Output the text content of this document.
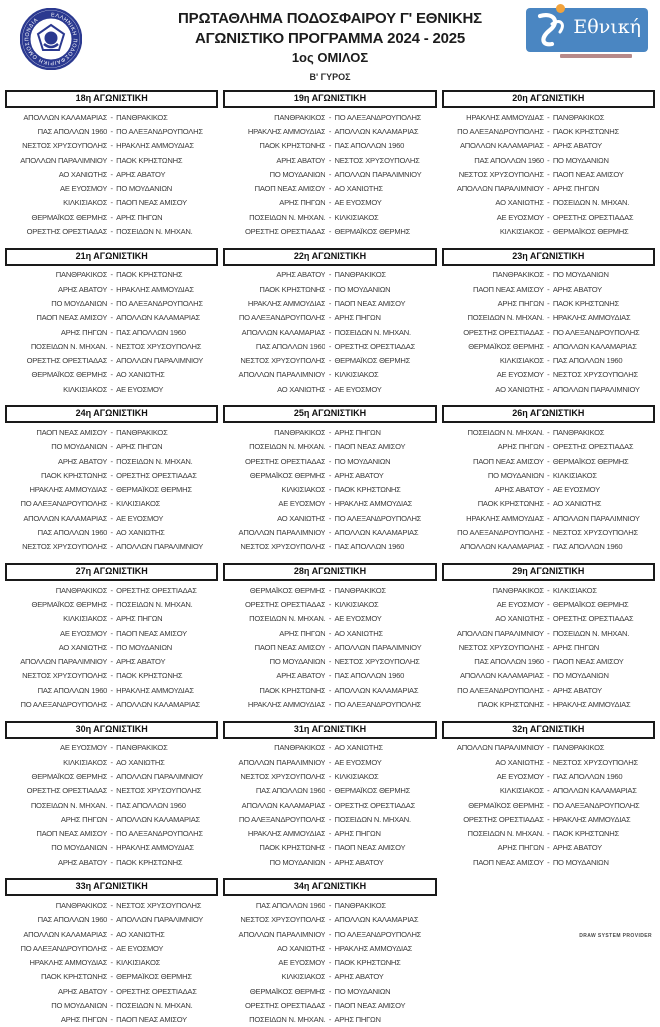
ΕΛΛΗΝΙΚΗ ΠΟΔΟΣΦΑΙΡΙΚΗ ΟΜΟΣΠΟΝΔΙΑ	ΠΡΩΤΑΘΛΗΜΑ ΠΟΔΟΣΦΑΙΡΟΥ Γ' ΕΘΝΙΚΗΣ
ΑΓΩΝΙΣΤΙΚΟ ΠΡΟΓΡΑΜΜΑ 2024 - 2025
1ος ΟΜΙΛΟΣ
Β' ΓΥΡΟΣ
Εθνική
18η ΑΓΩΝΙΣΤΙΚΗ
ΑΠΟΛΛΩΝ ΚΑΛΑΜΑΡΙΑΣ - ΠΑΝΘΡΑΚΙΚΟΣ
ΠΑΣ ΑΠΟΛΛΩΝ 1960 - ΠΟ ΑΛΕΞΑΝΔΡΟΥΠΟΛΗΣ
ΝΕΣΤΟΣ ΧΡΥΣΟΥΠΟΛΗΣ - ΗΡΑΚΛΗΣ ΑΜΜΟΥΔΙΑΣ
ΑΠΟΛΛΩΝ ΠΑΡΑΛΙΜΝΙΟΥ - ΠΑΟΚ ΚΡΗΣΤΩΝΗΣ
ΑΟ ΧΑΝΙΩΤΗΣ - ΑΡΗΣ ΑΒΑΤΟΥ
ΑΕ ΕΥΟΣΜΟΥ - ΠΟ ΜΟΥΔΑΝΙΩΝ
ΚΙΛΚΙΣΙΑΚΟΣ - ΠΑΟΠ ΝΕΑΣ ΑΜΙΣΟΥ
ΘΕΡΜΑΪΚΟΣ ΘΕΡΜΗΣ - ΑΡΗΣ ΠΗΓΩΝ
ΟΡΕΣΤΗΣ ΟΡΕΣΤΙΑΔΑΣ - ΠΟΣΕΙΔΩΝ Ν. ΜΗΧΑΝ.
19η ΑΓΩΝΙΣΤΙΚΗ
ΠΑΝΘΡΑΚΙΚΟΣ - ΠΟ ΑΛΕΞΑΝΔΡΟΥΠΟΛΗΣ
ΗΡΑΚΛΗΣ ΑΜΜΟΥΔΙΑΣ - ΑΠΟΛΛΩΝ ΚΑΛΑΜΑΡΙΑΣ
ΠΑΟΚ ΚΡΗΣΤΩΝΗΣ - ΠΑΣ ΑΠΟΛΛΩΝ 1960
ΑΡΗΣ ΑΒΑΤΟΥ - ΝΕΣΤΟΣ ΧΡΥΣΟΥΠΟΛΗΣ
ΠΟ ΜΟΥΔΑΝΙΩΝ - ΑΠΟΛΛΩΝ ΠΑΡΑΛΙΜΝΙΟΥ
ΠΑΟΠ ΝΕΑΣ ΑΜΙΣΟΥ - ΑΟ ΧΑΝΙΩΤΗΣ
ΑΡΗΣ ΠΗΓΩΝ - ΑΕ ΕΥΟΣΜΟΥ
ΠΟΣΕΙΔΩΝ Ν. ΜΗΧΑΝ. - ΚΙΛΚΙΣΙΑΚΟΣ
ΟΡΕΣΤΗΣ ΟΡΕΣΤΙΑΔΑΣ - ΘΕΡΜΑΪΚΟΣ ΘΕΡΜΗΣ
20η ΑΓΩΝΙΣΤΙΚΗ
ΗΡΑΚΛΗΣ ΑΜΜΟΥΔΙΑΣ - ΠΑΝΘΡΑΚΙΚΟΣ
ΠΟ ΑΛΕΞΑΝΔΡΟΥΠΟΛΗΣ - ΠΑΟΚ ΚΡΗΣΤΩΝΗΣ
ΑΠΟΛΛΩΝ ΚΑΛΑΜΑΡΙΑΣ - ΑΡΗΣ ΑΒΑΤΟΥ
ΠΑΣ ΑΠΟΛΛΩΝ 1960 - ΠΟ ΜΟΥΔΑΝΙΩΝ
ΝΕΣΤΟΣ ΧΡΥΣΟΥΠΟΛΗΣ - ΠΑΟΠ ΝΕΑΣ ΑΜΙΣΟΥ
ΑΠΟΛΛΩΝ ΠΑΡΑΛΙΜΝΙΟΥ - ΑΡΗΣ ΠΗΓΩΝ
ΑΟ ΧΑΝΙΩΤΗΣ - ΠΟΣΕΙΔΩΝ Ν. ΜΗΧΑΝ.
ΑΕ ΕΥΟΣΜΟΥ - ΟΡΕΣΤΗΣ ΟΡΕΣΤΙΑΔΑΣ
ΚΙΛΚΙΣΙΑΚΟΣ - ΘΕΡΜΑΪΚΟΣ ΘΕΡΜΗΣ
21η ΑΓΩΝΙΣΤΙΚΗ
ΠΑΝΘΡΑΚΙΚΟΣ - ΠΑΟΚ ΚΡΗΣΤΩΝΗΣ
ΑΡΗΣ ΑΒΑΤΟΥ - ΗΡΑΚΛΗΣ ΑΜΜΟΥΔΙΑΣ
ΠΟ ΜΟΥΔΑΝΙΩΝ - ΠΟ ΑΛΕΞΑΝΔΡΟΥΠΟΛΗΣ
ΠΑΟΠ ΝΕΑΣ ΑΜΙΣΟΥ - ΑΠΟΛΛΩΝ ΚΑΛΑΜΑΡΙΑΣ
ΑΡΗΣ ΠΗΓΩΝ - ΠΑΣ ΑΠΟΛΛΩΝ 1960
ΠΟΣΕΙΔΩΝ Ν. ΜΗΧΑΝ. - ΝΕΣΤΟΣ ΧΡΥΣΟΥΠΟΛΗΣ
ΟΡΕΣΤΗΣ ΟΡΕΣΤΙΑΔΑΣ - ΑΠΟΛΛΩΝ ΠΑΡΑΛΙΜΝΙΟΥ
ΘΕΡΜΑΪΚΟΣ ΘΕΡΜΗΣ - ΑΟ ΧΑΝΙΩΤΗΣ
ΚΙΛΚΙΣΙΑΚΟΣ - ΑΕ ΕΥΟΣΜΟΥ
22η ΑΓΩΝΙΣΤΙΚΗ
ΑΡΗΣ ΑΒΑΤΟΥ - ΠΑΝΘΡΑΚΙΚΟΣ
ΠΑΟΚ ΚΡΗΣΤΩΝΗΣ - ΠΟ ΜΟΥΔΑΝΙΩΝ
ΗΡΑΚΛΗΣ ΑΜΜΟΥΔΙΑΣ - ΠΑΟΠ ΝΕΑΣ ΑΜΙΣΟΥ
ΠΟ ΑΛΕΞΑΝΔΡΟΥΠΟΛΗΣ - ΑΡΗΣ ΠΗΓΩΝ
ΑΠΟΛΛΩΝ ΚΑΛΑΜΑΡΙΑΣ - ΠΟΣΕΙΔΩΝ Ν. ΜΗΧΑΝ.
ΠΑΣ ΑΠΟΛΛΩΝ 1960 - ΟΡΕΣΤΗΣ ΟΡΕΣΤΙΑΔΑΣ
ΝΕΣΤΟΣ ΧΡΥΣΟΥΠΟΛΗΣ - ΘΕΡΜΑΪΚΟΣ ΘΕΡΜΗΣ
ΑΠΟΛΛΩΝ ΠΑΡΑΛΙΜΝΙΟΥ - ΚΙΛΚΙΣΙΑΚΟΣ
ΑΟ ΧΑΝΙΩΤΗΣ - ΑΕ ΕΥΟΣΜΟΥ
23η ΑΓΩΝΙΣΤΙΚΗ
ΠΑΝΘΡΑΚΙΚΟΣ - ΠΟ ΜΟΥΔΑΝΙΩΝ
ΠΑΟΠ ΝΕΑΣ ΑΜΙΣΟΥ - ΑΡΗΣ ΑΒΑΤΟΥ
ΑΡΗΣ ΠΗΓΩΝ - ΠΑΟΚ ΚΡΗΣΤΩΝΗΣ
ΠΟΣΕΙΔΩΝ Ν. ΜΗΧΑΝ. - ΗΡΑΚΛΗΣ ΑΜΜΟΥΔΙΑΣ
ΟΡΕΣΤΗΣ ΟΡΕΣΤΙΑΔΑΣ - ΠΟ ΑΛΕΞΑΝΔΡΟΥΠΟΛΗΣ
ΘΕΡΜΑΪΚΟΣ ΘΕΡΜΗΣ - ΑΠΟΛΛΩΝ ΚΑΛΑΜΑΡΙΑΣ
ΚΙΛΚΙΣΙΑΚΟΣ - ΠΑΣ ΑΠΟΛΛΩΝ 1960
ΑΕ ΕΥΟΣΜΟΥ - ΝΕΣΤΟΣ ΧΡΥΣΟΥΠΟΛΗΣ
ΑΟ ΧΑΝΙΩΤΗΣ - ΑΠΟΛΛΩΝ ΠΑΡΑΛΙΜΝΙΟΥ
24η ΑΓΩΝΙΣΤΙΚΗ
ΠΑΟΠ ΝΕΑΣ ΑΜΙΣΟΥ - ΠΑΝΘΡΑΚΙΚΟΣ
ΠΟ ΜΟΥΔΑΝΙΩΝ - ΑΡΗΣ ΠΗΓΩΝ
ΑΡΗΣ ΑΒΑΤΟΥ - ΠΟΣΕΙΔΩΝ Ν. ΜΗΧΑΝ.
ΠΑΟΚ ΚΡΗΣΤΩΝΗΣ - ΟΡΕΣΤΗΣ ΟΡΕΣΤΙΑΔΑΣ
ΗΡΑΚΛΗΣ ΑΜΜΟΥΔΙΑΣ - ΘΕΡΜΑΪΚΟΣ ΘΕΡΜΗΣ
ΠΟ ΑΛΕΞΑΝΔΡΟΥΠΟΛΗΣ - ΚΙΛΚΙΣΙΑΚΟΣ
ΑΠΟΛΛΩΝ ΚΑΛΑΜΑΡΙΑΣ - ΑΕ ΕΥΟΣΜΟΥ
ΠΑΣ ΑΠΟΛΛΩΝ 1960 - ΑΟ ΧΑΝΙΩΤΗΣ
ΝΕΣΤΟΣ ΧΡΥΣΟΥΠΟΛΗΣ - ΑΠΟΛΛΩΝ ΠΑΡΑΛΙΜΝΙΟΥ
25η ΑΓΩΝΙΣΤΙΚΗ
ΠΑΝΘΡΑΚΙΚΟΣ - ΑΡΗΣ ΠΗΓΩΝ
ΠΟΣΕΙΔΩΝ Ν. ΜΗΧΑΝ. - ΠΑΟΠ ΝΕΑΣ ΑΜΙΣΟΥ
ΟΡΕΣΤΗΣ ΟΡΕΣΤΙΑΔΑΣ - ΠΟ ΜΟΥΔΑΝΙΩΝ
ΘΕΡΜΑΪΚΟΣ ΘΕΡΜΗΣ - ΑΡΗΣ ΑΒΑΤΟΥ
ΚΙΛΚΙΣΙΑΚΟΣ - ΠΑΟΚ ΚΡΗΣΤΩΝΗΣ
ΑΕ ΕΥΟΣΜΟΥ - ΗΡΑΚΛΗΣ ΑΜΜΟΥΔΙΑΣ
ΑΟ ΧΑΝΙΩΤΗΣ - ΠΟ ΑΛΕΞΑΝΔΡΟΥΠΟΛΗΣ
ΑΠΟΛΛΩΝ ΠΑΡΑΛΙΜΝΙΟΥ - ΑΠΟΛΛΩΝ ΚΑΛΑΜΑΡΙΑΣ
ΝΕΣΤΟΣ ΧΡΥΣΟΥΠΟΛΗΣ - ΠΑΣ ΑΠΟΛΛΩΝ 1960
26η ΑΓΩΝΙΣΤΙΚΗ
ΠΟΣΕΙΔΩΝ Ν. ΜΗΧΑΝ. - ΠΑΝΘΡΑΚΙΚΟΣ
ΑΡΗΣ ΠΗΓΩΝ - ΟΡΕΣΤΗΣ ΟΡΕΣΤΙΑΔΑΣ
ΠΑΟΠ ΝΕΑΣ ΑΜΙΣΟΥ - ΘΕΡΜΑΪΚΟΣ ΘΕΡΜΗΣ
ΠΟ ΜΟΥΔΑΝΙΩΝ - ΚΙΛΚΙΣΙΑΚΟΣ
ΑΡΗΣ ΑΒΑΤΟΥ - ΑΕ ΕΥΟΣΜΟΥ
ΠΑΟΚ ΚΡΗΣΤΩΝΗΣ - ΑΟ ΧΑΝΙΩΤΗΣ
ΗΡΑΚΛΗΣ ΑΜΜΟΥΔΙΑΣ - ΑΠΟΛΛΩΝ ΠΑΡΑΛΙΜΝΙΟΥ
ΠΟ ΑΛΕΞΑΝΔΡΟΥΠΟΛΗΣ - ΝΕΣΤΟΣ ΧΡΥΣΟΥΠΟΛΗΣ
ΑΠΟΛΛΩΝ ΚΑΛΑΜΑΡΙΑΣ - ΠΑΣ ΑΠΟΛΛΩΝ 1960
27η ΑΓΩΝΙΣΤΙΚΗ
ΠΑΝΘΡΑΚΙΚΟΣ - ΟΡΕΣΤΗΣ ΟΡΕΣΤΙΑΔΑΣ
ΘΕΡΜΑΪΚΟΣ ΘΕΡΜΗΣ - ΠΟΣΕΙΔΩΝ Ν. ΜΗΧΑΝ.
ΚΙΛΚΙΣΙΑΚΟΣ - ΑΡΗΣ ΠΗΓΩΝ
ΑΕ ΕΥΟΣΜΟΥ - ΠΑΟΠ ΝΕΑΣ ΑΜΙΣΟΥ
ΑΟ ΧΑΝΙΩΤΗΣ - ΠΟ ΜΟΥΔΑΝΙΩΝ
ΑΠΟΛΛΩΝ ΠΑΡΑΛΙΜΝΙΟΥ - ΑΡΗΣ ΑΒΑΤΟΥ
ΝΕΣΤΟΣ ΧΡΥΣΟΥΠΟΛΗΣ - ΠΑΟΚ ΚΡΗΣΤΩΝΗΣ
ΠΑΣ ΑΠΟΛΛΩΝ 1960 - ΗΡΑΚΛΗΣ ΑΜΜΟΥΔΙΑΣ
ΠΟ ΑΛΕΞΑΝΔΡΟΥΠΟΛΗΣ - ΑΠΟΛΛΩΝ ΚΑΛΑΜΑΡΙΑΣ
28η ΑΓΩΝΙΣΤΙΚΗ
ΘΕΡΜΑΪΚΟΣ ΘΕΡΜΗΣ - ΠΑΝΘΡΑΚΙΚΟΣ
ΟΡΕΣΤΗΣ ΟΡΕΣΤΙΑΔΑΣ - ΚΙΛΚΙΣΙΑΚΟΣ
ΠΟΣΕΙΔΩΝ Ν. ΜΗΧΑΝ. - ΑΕ ΕΥΟΣΜΟΥ
ΑΡΗΣ ΠΗΓΩΝ - ΑΟ ΧΑΝΙΩΤΗΣ
ΠΑΟΠ ΝΕΑΣ ΑΜΙΣΟΥ - ΑΠΟΛΛΩΝ ΠΑΡΑΛΙΜΝΙΟΥ
ΠΟ ΜΟΥΔΑΝΙΩΝ - ΝΕΣΤΟΣ ΧΡΥΣΟΥΠΟΛΗΣ
ΑΡΗΣ ΑΒΑΤΟΥ - ΠΑΣ ΑΠΟΛΛΩΝ 1960
ΠΑΟΚ ΚΡΗΣΤΩΝΗΣ - ΑΠΟΛΛΩΝ ΚΑΛΑΜΑΡΙΑΣ
ΗΡΑΚΛΗΣ ΑΜΜΟΥΔΙΑΣ - ΠΟ ΑΛΕΞΑΝΔΡΟΥΠΟΛΗΣ
29η ΑΓΩΝΙΣΤΙΚΗ
ΠΑΝΘΡΑΚΙΚΟΣ - ΚΙΛΚΙΣΙΑΚΟΣ
ΑΕ ΕΥΟΣΜΟΥ - ΘΕΡΜΑΪΚΟΣ ΘΕΡΜΗΣ
ΑΟ ΧΑΝΙΩΤΗΣ - ΟΡΕΣΤΗΣ ΟΡΕΣΤΙΑΔΑΣ
ΑΠΟΛΛΩΝ ΠΑΡΑΛΙΜΝΙΟΥ - ΠΟΣΕΙΔΩΝ Ν. ΜΗΧΑΝ.
ΝΕΣΤΟΣ ΧΡΥΣΟΥΠΟΛΗΣ - ΑΡΗΣ ΠΗΓΩΝ
ΠΑΣ ΑΠΟΛΛΩΝ 1960 - ΠΑΟΠ ΝΕΑΣ ΑΜΙΣΟΥ
ΑΠΟΛΛΩΝ ΚΑΛΑΜΑΡΙΑΣ - ΠΟ ΜΟΥΔΑΝΙΩΝ
ΠΟ ΑΛΕΞΑΝΔΡΟΥΠΟΛΗΣ - ΑΡΗΣ ΑΒΑΤΟΥ
ΠΑΟΚ ΚΡΗΣΤΩΝΗΣ - ΗΡΑΚΛΗΣ ΑΜΜΟΥΔΙΑΣ
30η ΑΓΩΝΙΣΤΙΚΗ
ΑΕ ΕΥΟΣΜΟΥ - ΠΑΝΘΡΑΚΙΚΟΣ
ΚΙΛΚΙΣΙΑΚΟΣ - ΑΟ ΧΑΝΙΩΤΗΣ
ΘΕΡΜΑΪΚΟΣ ΘΕΡΜΗΣ - ΑΠΟΛΛΩΝ ΠΑΡΑΛΙΜΝΙΟΥ
ΟΡΕΣΤΗΣ ΟΡΕΣΤΙΑΔΑΣ - ΝΕΣΤΟΣ ΧΡΥΣΟΥΠΟΛΗΣ
ΠΟΣΕΙΔΩΝ Ν. ΜΗΧΑΝ. - ΠΑΣ ΑΠΟΛΛΩΝ 1960
ΑΡΗΣ ΠΗΓΩΝ - ΑΠΟΛΛΩΝ ΚΑΛΑΜΑΡΙΑΣ
ΠΑΟΠ ΝΕΑΣ ΑΜΙΣΟΥ - ΠΟ ΑΛΕΞΑΝΔΡΟΥΠΟΛΗΣ
ΠΟ ΜΟΥΔΑΝΙΩΝ - ΗΡΑΚΛΗΣ ΑΜΜΟΥΔΙΑΣ
ΑΡΗΣ ΑΒΑΤΟΥ - ΠΑΟΚ ΚΡΗΣΤΩΝΗΣ
31η ΑΓΩΝΙΣΤΙΚΗ
ΠΑΝΘΡΑΚΙΚΟΣ - ΑΟ ΧΑΝΙΩΤΗΣ
ΑΠΟΛΛΩΝ ΠΑΡΑΛΙΜΝΙΟΥ - ΑΕ ΕΥΟΣΜΟΥ
ΝΕΣΤΟΣ ΧΡΥΣΟΥΠΟΛΗΣ - ΚΙΛΚΙΣΙΑΚΟΣ
ΠΑΣ ΑΠΟΛΛΩΝ 1960 - ΘΕΡΜΑΪΚΟΣ ΘΕΡΜΗΣ
ΑΠΟΛΛΩΝ ΚΑΛΑΜΑΡΙΑΣ - ΟΡΕΣΤΗΣ ΟΡΕΣΤΙΑΔΑΣ
ΠΟ ΑΛΕΞΑΝΔΡΟΥΠΟΛΗΣ - ΠΟΣΕΙΔΩΝ Ν. ΜΗΧΑΝ.
ΗΡΑΚΛΗΣ ΑΜΜΟΥΔΙΑΣ - ΑΡΗΣ ΠΗΓΩΝ
ΠΑΟΚ ΚΡΗΣΤΩΝΗΣ - ΠΑΟΠ ΝΕΑΣ ΑΜΙΣΟΥ
ΠΟ ΜΟΥΔΑΝΙΩΝ - ΑΡΗΣ ΑΒΑΤΟΥ
32η ΑΓΩΝΙΣΤΙΚΗ
ΑΠΟΛΛΩΝ ΠΑΡΑΛΙΜΝΙΟΥ - ΠΑΝΘΡΑΚΙΚΟΣ
ΑΟ ΧΑΝΙΩΤΗΣ - ΝΕΣΤΟΣ ΧΡΥΣΟΥΠΟΛΗΣ
ΑΕ ΕΥΟΣΜΟΥ - ΠΑΣ ΑΠΟΛΛΩΝ 1960
ΚΙΛΚΙΣΙΑΚΟΣ - ΑΠΟΛΛΩΝ ΚΑΛΑΜΑΡΙΑΣ
ΘΕΡΜΑΪΚΟΣ ΘΕΡΜΗΣ - ΠΟ ΑΛΕΞΑΝΔΡΟΥΠΟΛΗΣ
ΟΡΕΣΤΗΣ ΟΡΕΣΤΙΑΔΑΣ - ΗΡΑΚΛΗΣ ΑΜΜΟΥΔΙΑΣ
ΠΟΣΕΙΔΩΝ Ν. ΜΗΧΑΝ. - ΠΑΟΚ ΚΡΗΣΤΩΝΗΣ
ΑΡΗΣ ΠΗΓΩΝ - ΑΡΗΣ ΑΒΑΤΟΥ
ΠΑΟΠ ΝΕΑΣ ΑΜΙΣΟΥ - ΠΟ ΜΟΥΔΑΝΙΩΝ
33η ΑΓΩΝΙΣΤΙΚΗ
ΠΑΝΘΡΑΚΙΚΟΣ - ΝΕΣΤΟΣ ΧΡΥΣΟΥΠΟΛΗΣ
ΠΑΣ ΑΠΟΛΛΩΝ 1960 - ΑΠΟΛΛΩΝ ΠΑΡΑΛΙΜΝΙΟΥ
ΑΠΟΛΛΩΝ ΚΑΛΑΜΑΡΙΑΣ - ΑΟ ΧΑΝΙΩΤΗΣ
ΠΟ ΑΛΕΞΑΝΔΡΟΥΠΟΛΗΣ - ΑΕ ΕΥΟΣΜΟΥ
ΗΡΑΚΛΗΣ ΑΜΜΟΥΔΙΑΣ - ΚΙΛΚΙΣΙΑΚΟΣ
ΠΑΟΚ ΚΡΗΣΤΩΝΗΣ - ΘΕΡΜΑΪΚΟΣ ΘΕΡΜΗΣ
ΑΡΗΣ ΑΒΑΤΟΥ - ΟΡΕΣΤΗΣ ΟΡΕΣΤΙΑΔΑΣ
ΠΟ ΜΟΥΔΑΝΙΩΝ - ΠΟΣΕΙΔΩΝ Ν. ΜΗΧΑΝ.
ΑΡΗΣ ΠΗΓΩΝ - ΠΑΟΠ ΝΕΑΣ ΑΜΙΣΟΥ
34η ΑΓΩΝΙΣΤΙΚΗ
ΠΑΣ ΑΠΟΛΛΩΝ 1960 - ΠΑΝΘΡΑΚΙΚΟΣ
ΝΕΣΤΟΣ ΧΡΥΣΟΥΠΟΛΗΣ - ΑΠΟΛΛΩΝ ΚΑΛΑΜΑΡΙΑΣ
ΑΠΟΛΛΩΝ ΠΑΡΑΛΙΜΝΙΟΥ - ΠΟ ΑΛΕΞΑΝΔΡΟΥΠΟΛΗΣ
ΑΟ ΧΑΝΙΩΤΗΣ - ΗΡΑΚΛΗΣ ΑΜΜΟΥΔΙΑΣ
ΑΕ ΕΥΟΣΜΟΥ - ΠΑΟΚ ΚΡΗΣΤΩΝΗΣ
ΚΙΛΚΙΣΙΑΚΟΣ - ΑΡΗΣ ΑΒΑΤΟΥ
ΘΕΡΜΑΪΚΟΣ ΘΕΡΜΗΣ - ΠΟ ΜΟΥΔΑΝΙΩΝ
ΟΡΕΣΤΗΣ ΟΡΕΣΤΙΑΔΑΣ - ΠΑΟΠ ΝΕΑΣ ΑΜΙΣΟΥ
ΠΟΣΕΙΔΩΝ Ν. ΜΗΧΑΝ. - ΑΡΗΣ ΠΗΓΩΝ
DRAW SYSTEM PROVIDER
